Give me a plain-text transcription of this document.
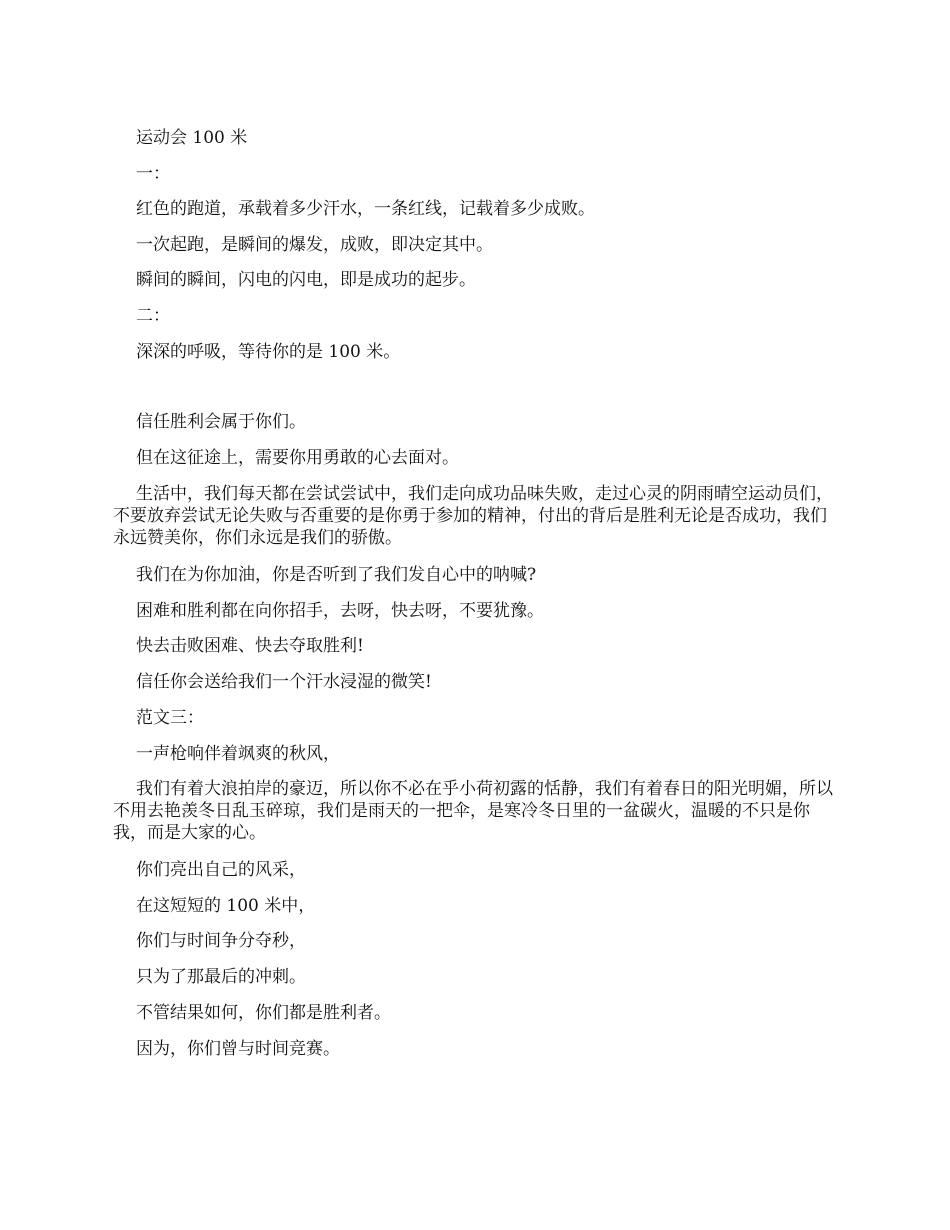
运动会 100 米

一：

红色的跑道，承载着多少汗水，一条红线，记载着多少成败。

一次起跑，是瞬间的爆发，成败，即决定其中。

瞬间的瞬间，闪电的闪电，即是成功的起步。

二：

深深的呼吸，等待你的是 100 米。

信任胜利会属于你们。

但在这征途上，需要你用勇敢的心去面对。

生活中，我们每天都在尝试尝试中，我们走向成功品味失败，走过心灵的阴雨晴空运动员们，不要放弃尝试无论失败与否重要的是你勇于参加的精神，付出的背后是胜利无论是否成功，我们永远赞美你，你们永远是我们的骄傲。

我们在为你加油，你是否听到了我们发自心中的呐喊?

困难和胜利都在向你招手，去呀，快去呀，不要犹豫。

快去击败困难、快去夺取胜利!

信任你会送给我们一个汗水浸湿的微笑!

范文三：

一声枪响伴着飒爽的秋风，

我们有着大浪拍岸的豪迈，所以你不必在乎小荷初露的恬静，我们有着春日的阳光明媚，所以不用去艳羡冬日乱玉碎琼，我们是雨天的一把伞，是寒冷冬日里的一盆碳火，温暖的不只是你我，而是大家的心。

你们亮出自己的风采，

在这短短的 100 米中，

你们与时间争分夺秒，

只为了那最后的冲刺。

不管结果如何，你们都是胜利者。

因为，你们曾与时间竞赛。
